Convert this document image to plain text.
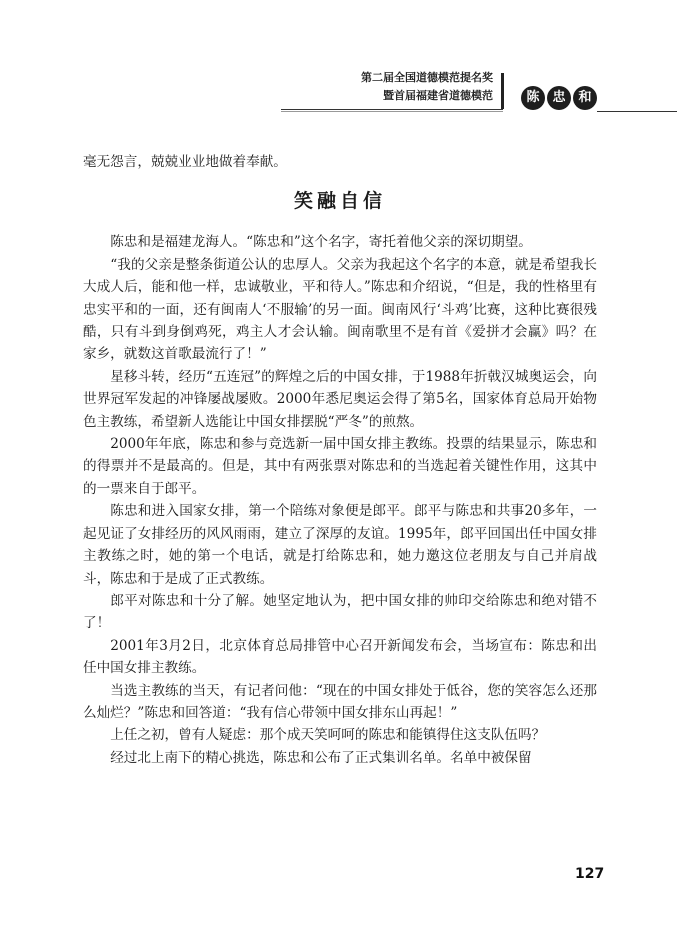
第二届全国道德模范提名奖
暨首届福建省道德模范	陈 忠 和

毫无怨言，兢兢业业地做着奉献。

笑融自信

陈忠和是福建龙海人。“陈忠和”这个名字，寄托着他父亲的深切期望。

“我的父亲是整条街道公认的忠厚人。父亲为我起这个名字的本意，就是希望我长大成人后，能和他一样，忠诚敬业，平和待人。”陈忠和介绍说，“但是，我的性格里有忠实平和的一面，还有闽南人‘不服输’的另一面。闽南风行‘斗鸡’比赛，这种比赛很残酷，只有斗到身倒鸡死，鸡主人才会认输。闽南歌里不是有首《爱拼才会赢》吗？在家乡，就数这首歌最流行了！”

星移斗转，经历“五连冠”的辉煌之后的中国女排，于1988年折戟汉城奥运会，向世界冠军发起的冲锋屡战屡败。2000年悉尼奥运会得了第5名，国家体育总局开始物色主教练，希望新人选能让中国女排摆脱“严冬”的煎熬。

2000年年底，陈忠和参与竞选新一届中国女排主教练。投票的结果显示，陈忠和的得票并不是最高的。但是，其中有两张票对陈忠和的当选起着关键性作用，这其中的一票来自于郎平。

陈忠和进入国家女排，第一个陪练对象便是郎平。郎平与陈忠和共事20多年，一起见证了女排经历的风风雨雨，建立了深厚的友谊。1995年，郎平回国出任中国女排主教练之时，她的第一个电话，就是打给陈忠和，她力邀这位老朋友与自己并肩战斗，陈忠和于是成了正式教练。

郎平对陈忠和十分了解。她坚定地认为，把中国女排的帅印交给陈忠和绝对错不了！

2001年3月2日，北京体育总局排管中心召开新闻发布会，当场宣布：陈忠和出任中国女排主教练。

当选主教练的当天，有记者问他：“现在的中国女排处于低谷，您的笑容怎么还那么灿烂？”陈忠和回答道：“我有信心带领中国女排东山再起！”

上任之初，曾有人疑虑：那个成天笑呵呵的陈忠和能镇得住这支队伍吗？

经过北上南下的精心挑选，陈忠和公布了正式集训名单。名单中被保留

127
